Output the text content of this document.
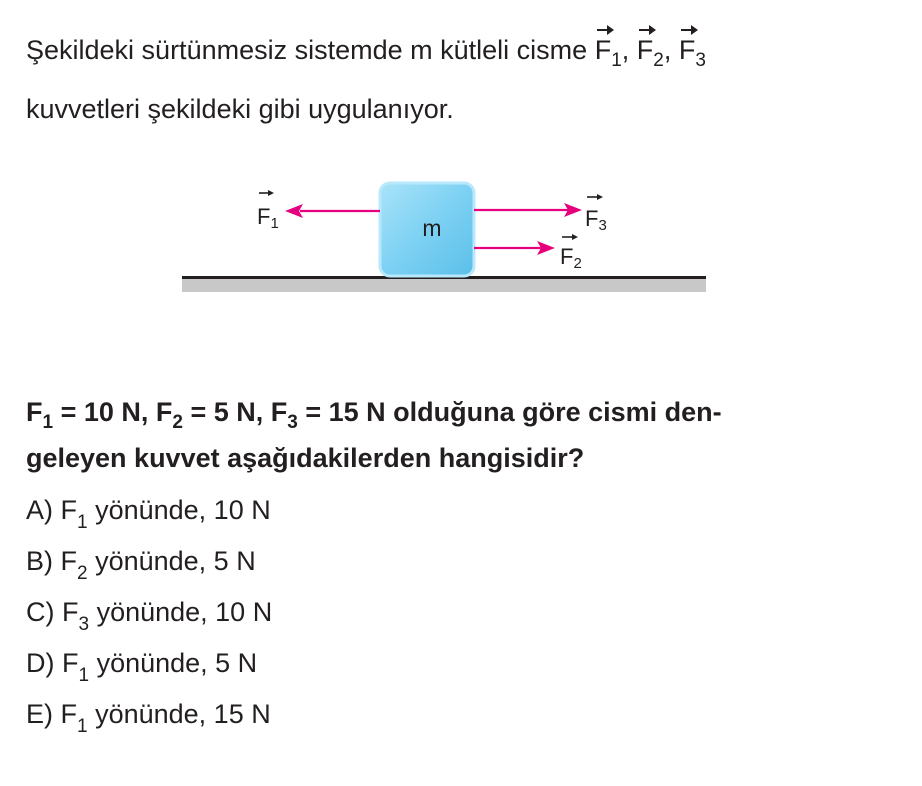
Şekildeki sürtünmesiz sistemde m kütleli cisme $F_1$, $F_2$, $F_3$
kuvvetleri şekildeki gibi uygulanıyor.
m
F1	F3
F2
$F_1 = 10$ N, $F_2 = 5$ N, $F_3 = 15$ N olduğuna göre cismi den-
geleyen kuvvet aşağıdakilerden hangisidir?
A) $F_1$ yönünde, 10 N
B) $F_2$ yönünde, 5 N
C) $F_3$ yönünde, 10 N
D) $F_1$ yönünde, 5 N
E) $F_1$ yönünde, 15 N
